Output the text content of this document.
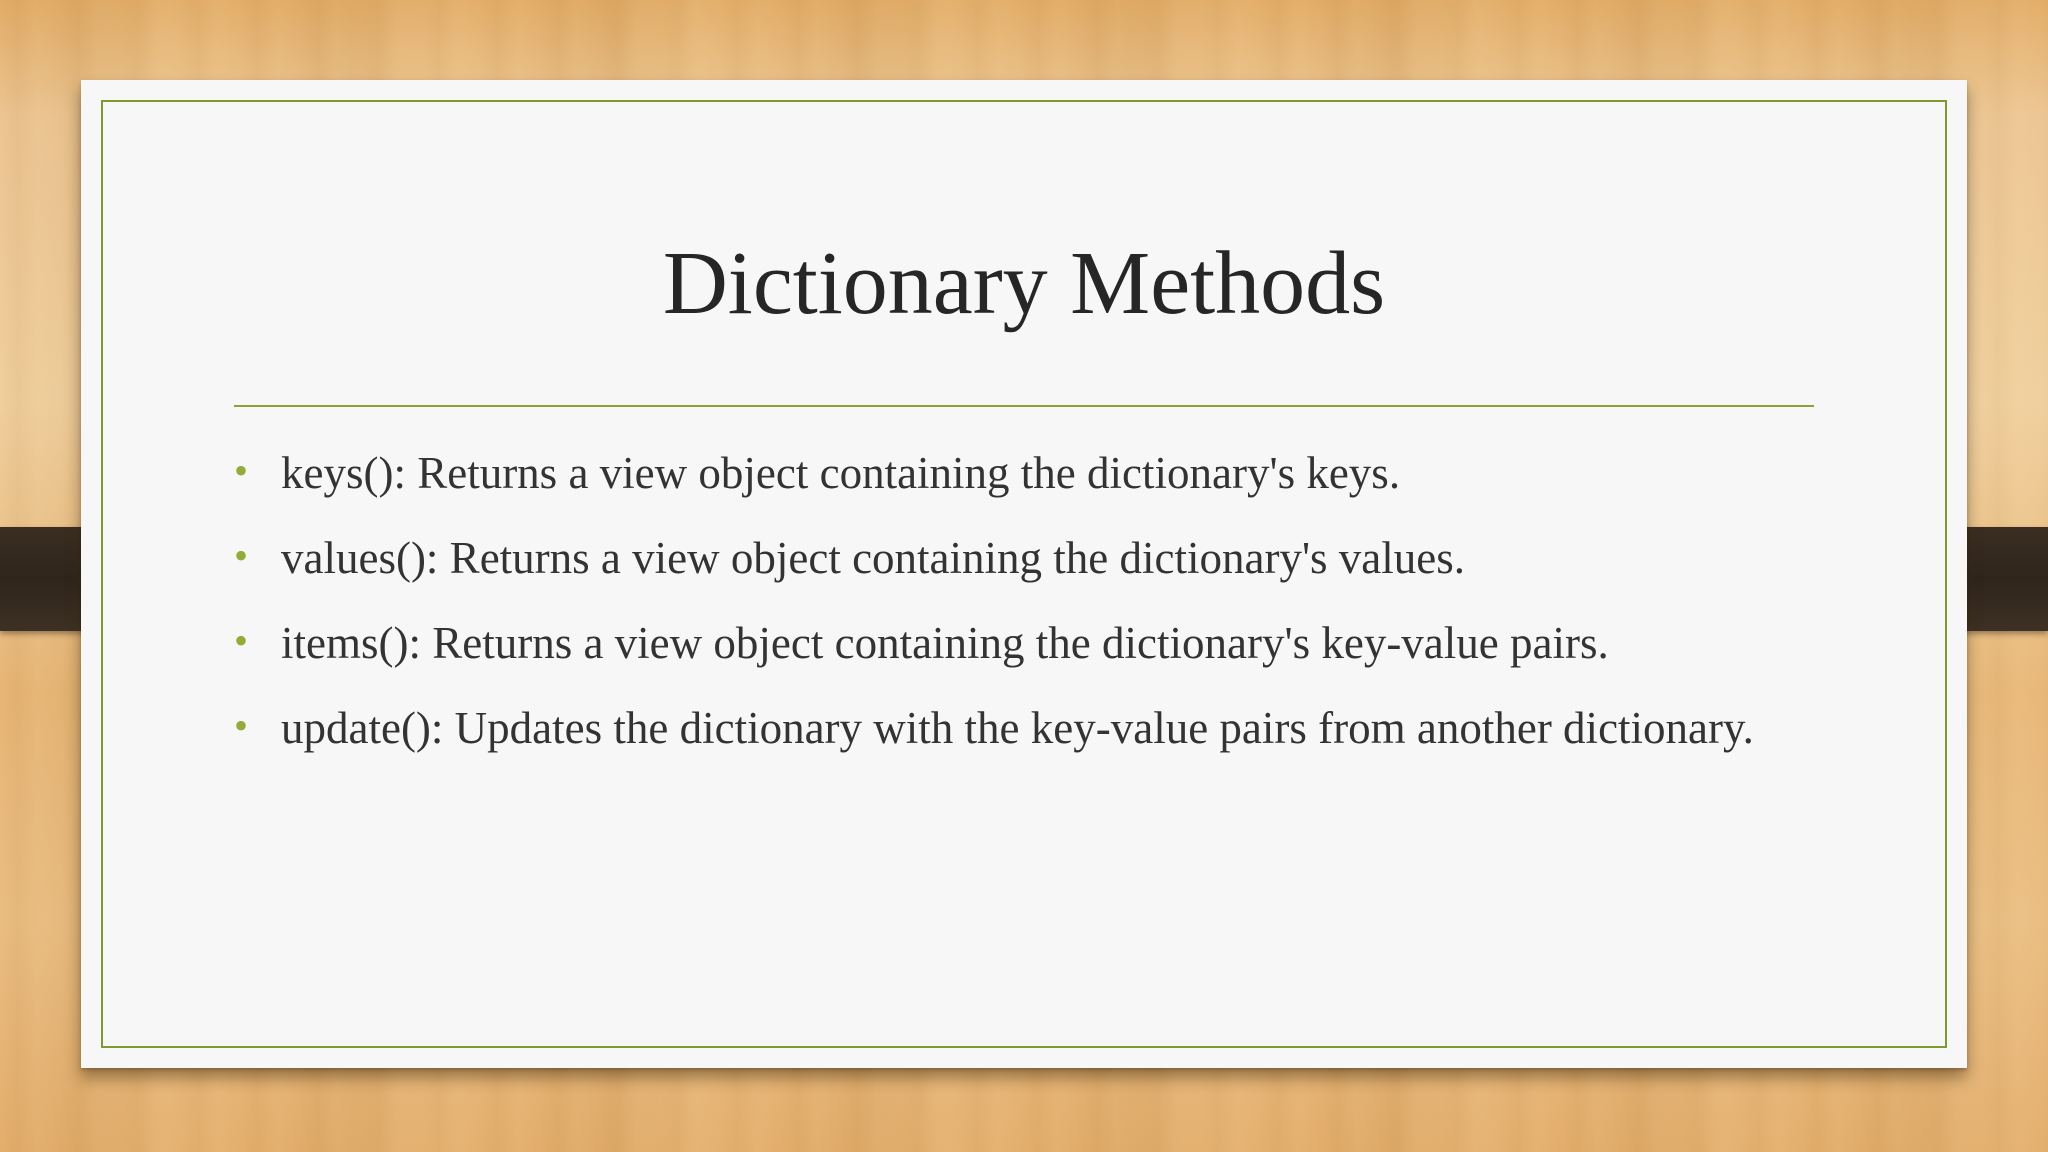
Dictionary Methods
• keys(): Returns a view object containing the dictionary's keys.
• values(): Returns a view object containing the dictionary's values.
• items(): Returns a view object containing the dictionary's key-value pairs.
• update(): Updates the dictionary with the key-value pairs from another dictionary.
